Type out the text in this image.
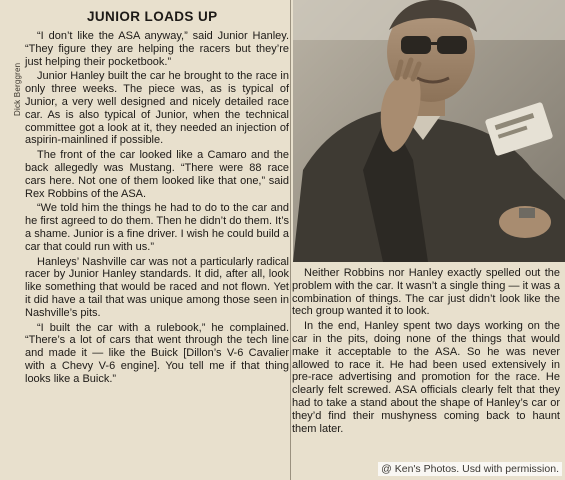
Dick Berggren
JUNIOR LOADS UP

“I don’t like the ASA anyway,” said Junior Hanley. “They figure they are helping the racers but they’re just helping their pocketbook.”

Junior Hanley built the car he brought to the race in only three weeks. The piece was, as is typical of Junior, a very well designed and nicely detailed race car. As is also typical of Junior, when the technical committee got a look at it, they needed an injection of aspirin-mainlined if possible.

The front of the car looked like a Camaro and the back allegedly was Mustang. “There were 88 race cars here. Not one of them looked like that one,” said Rex Robbins of the ASA.

“We told him the things he had to do to the car and he first agreed to do them. Then he didn’t do them. It’s a shame. Junior is a fine driver. I wish he could build a car that could run with us.”

Hanleys’ Nashville car was not a particularly radical racer by Junior Hanley standards. It did, after all, look like something that would be raced and not flown. Yet it did have a tail that was unique among those seen in Nashville’s pits.

“I built the car with a rulebook,” he complained. “There’s a lot of cars that went through the tech line and made it — like the Buick [Dillon’s V-6 Cavalier with a Chevy V-6 engine]. You tell me if that thing looks like a Buick.”

Neither Robbins nor Hanley exactly spelled out the problem with the car. It wasn’t a single thing — it was a combination of things. The car just didn’t look like the tech group wanted it to look.

In the end, Hanley spent two days working on the car in the pits, doing none of the things that would make it acceptable to the ASA. So he was never allowed to race it. He had been used extensively in pre-race advertising and promotion for the race. He clearly felt screwed. ASA officials clearly felt that they had to take a stand about the shape of Hanley’s car or they’d find their mushyness coming back to haunt them later.

@ Ken's Photos. Usd with permission.
